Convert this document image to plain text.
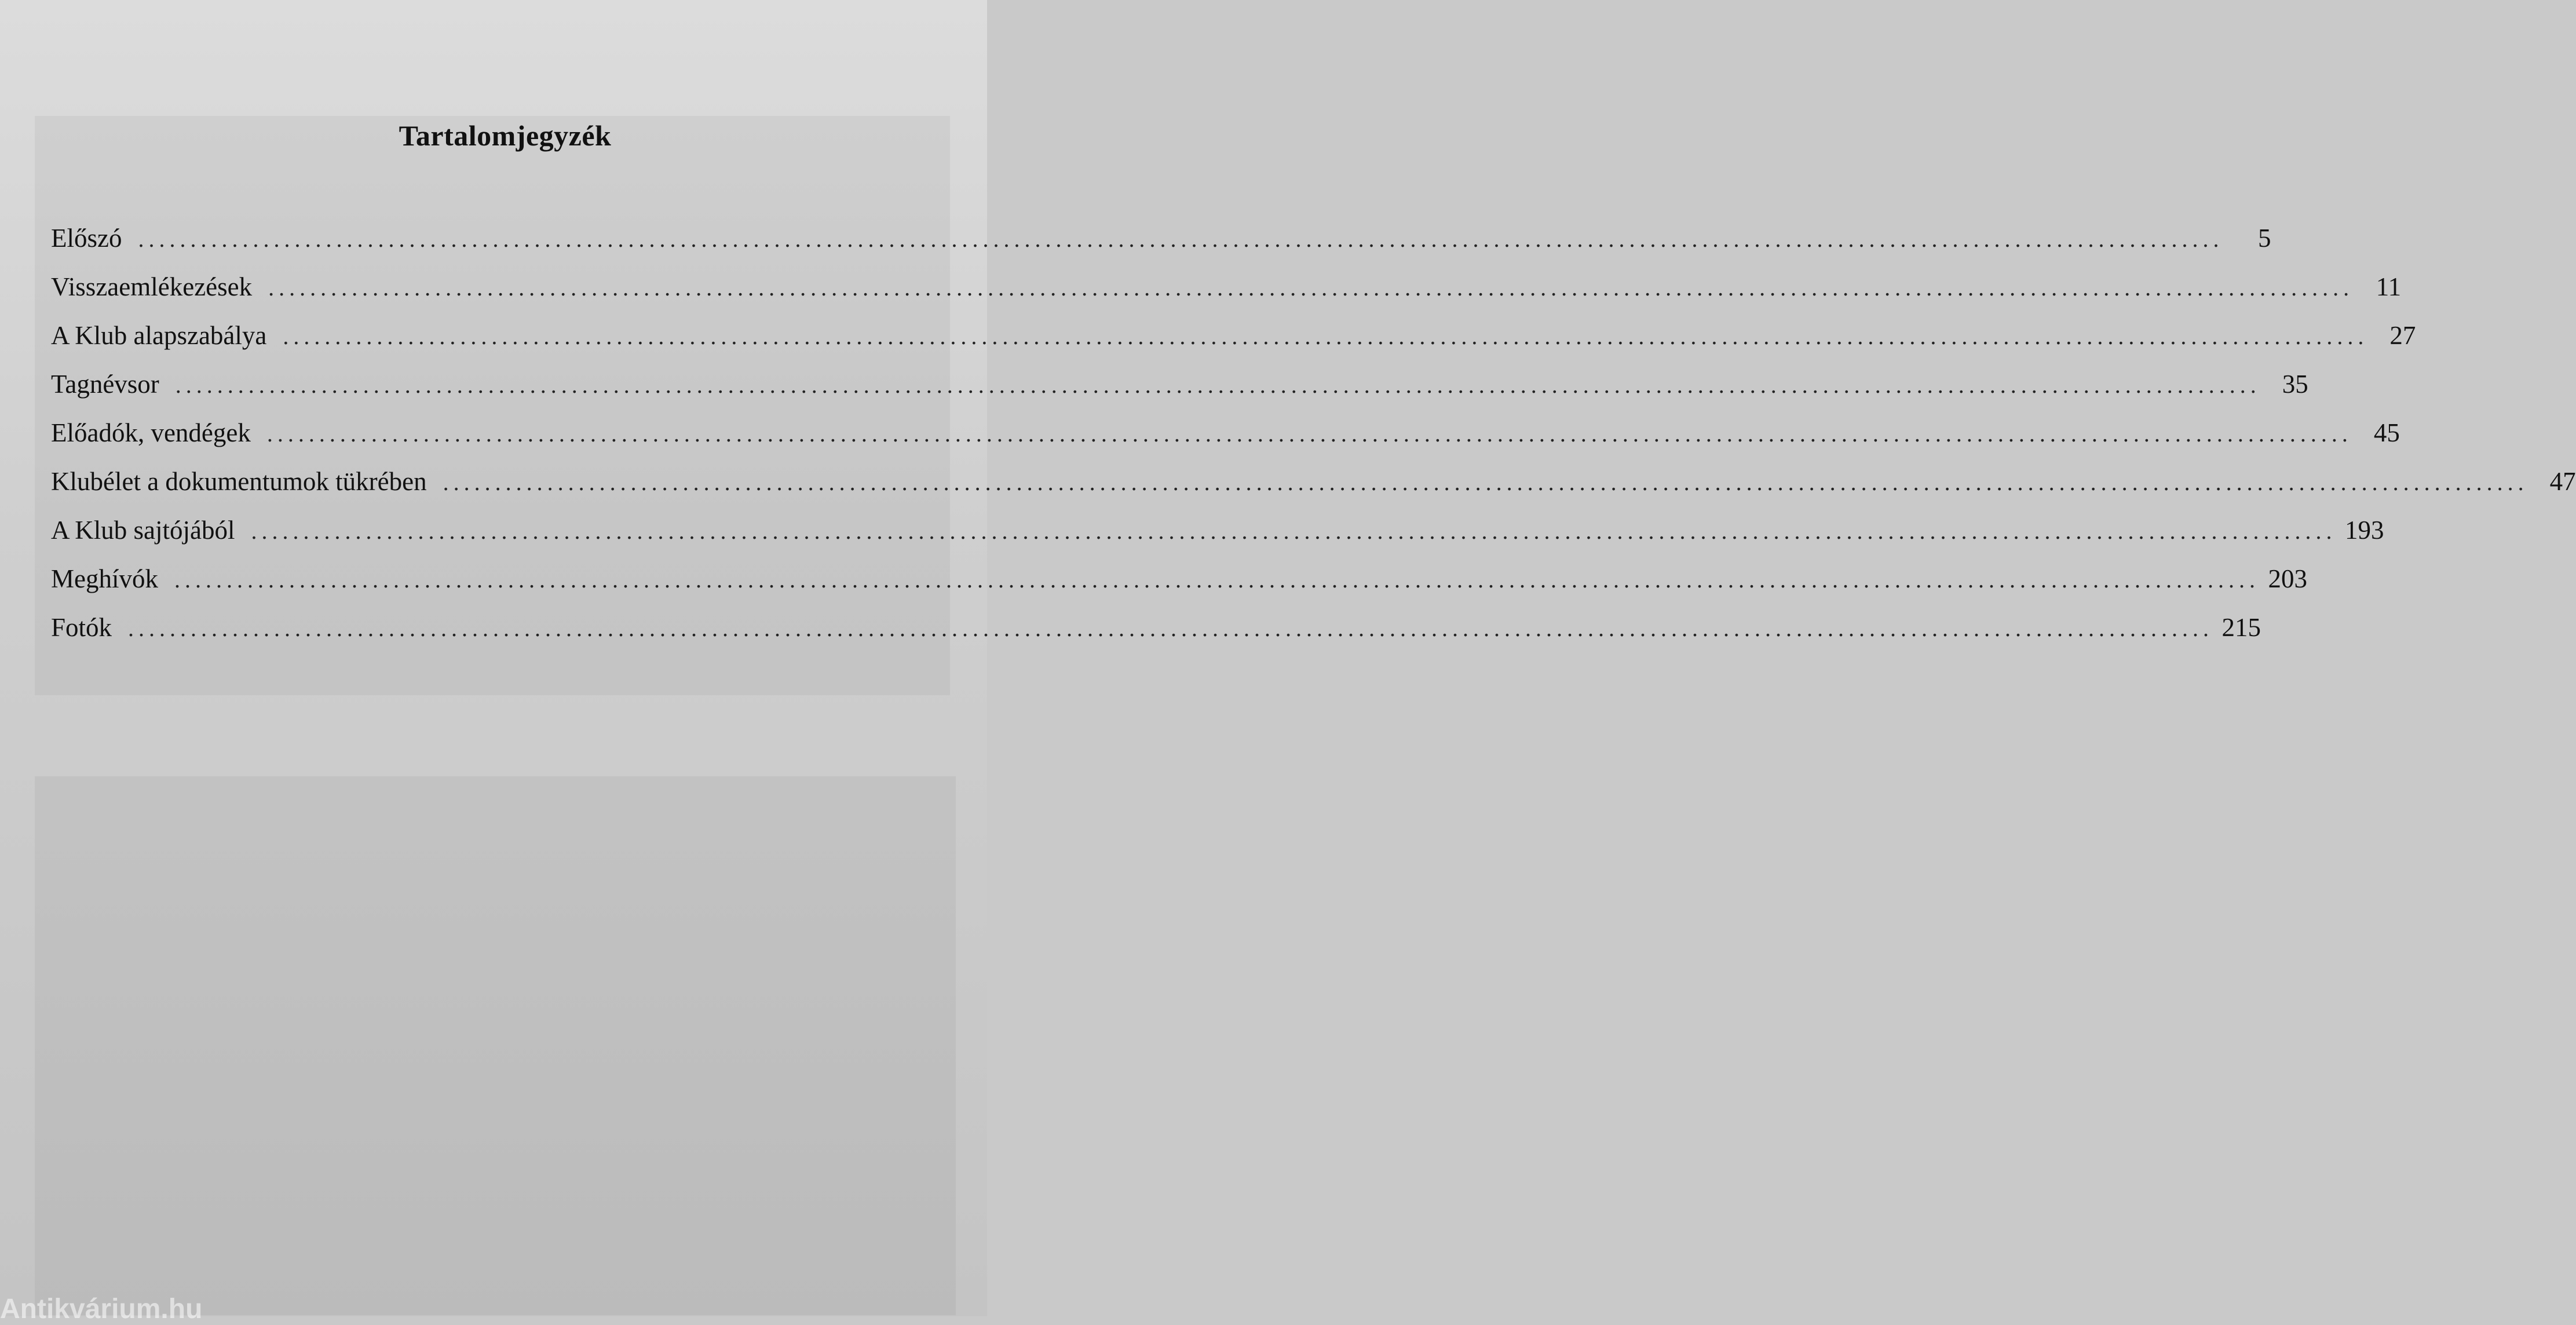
Tartalomjegyzék
Előszó ........................................................................................................................................................................................................	5
Visszaemlékezések ........................................................................................................................................................................................................ 11
A Klub alapszabálya ........................................................................................................................................................................................................ 27
Tagnévsor ........................................................................................................................................................................................................ 35
Előadók, vendégek ........................................................................................................................................................................................................ 45
Klubélet a dokumentumok tükrében ........................................................................................................................................................................................................ 47
A Klub sajtójából ........................................................................................................................................................................................................ 193
Meghívók ........................................................................................................................................................................................................ 203
Fotók ........................................................................................................................................................................................................ 215
Antikvárium.hu
